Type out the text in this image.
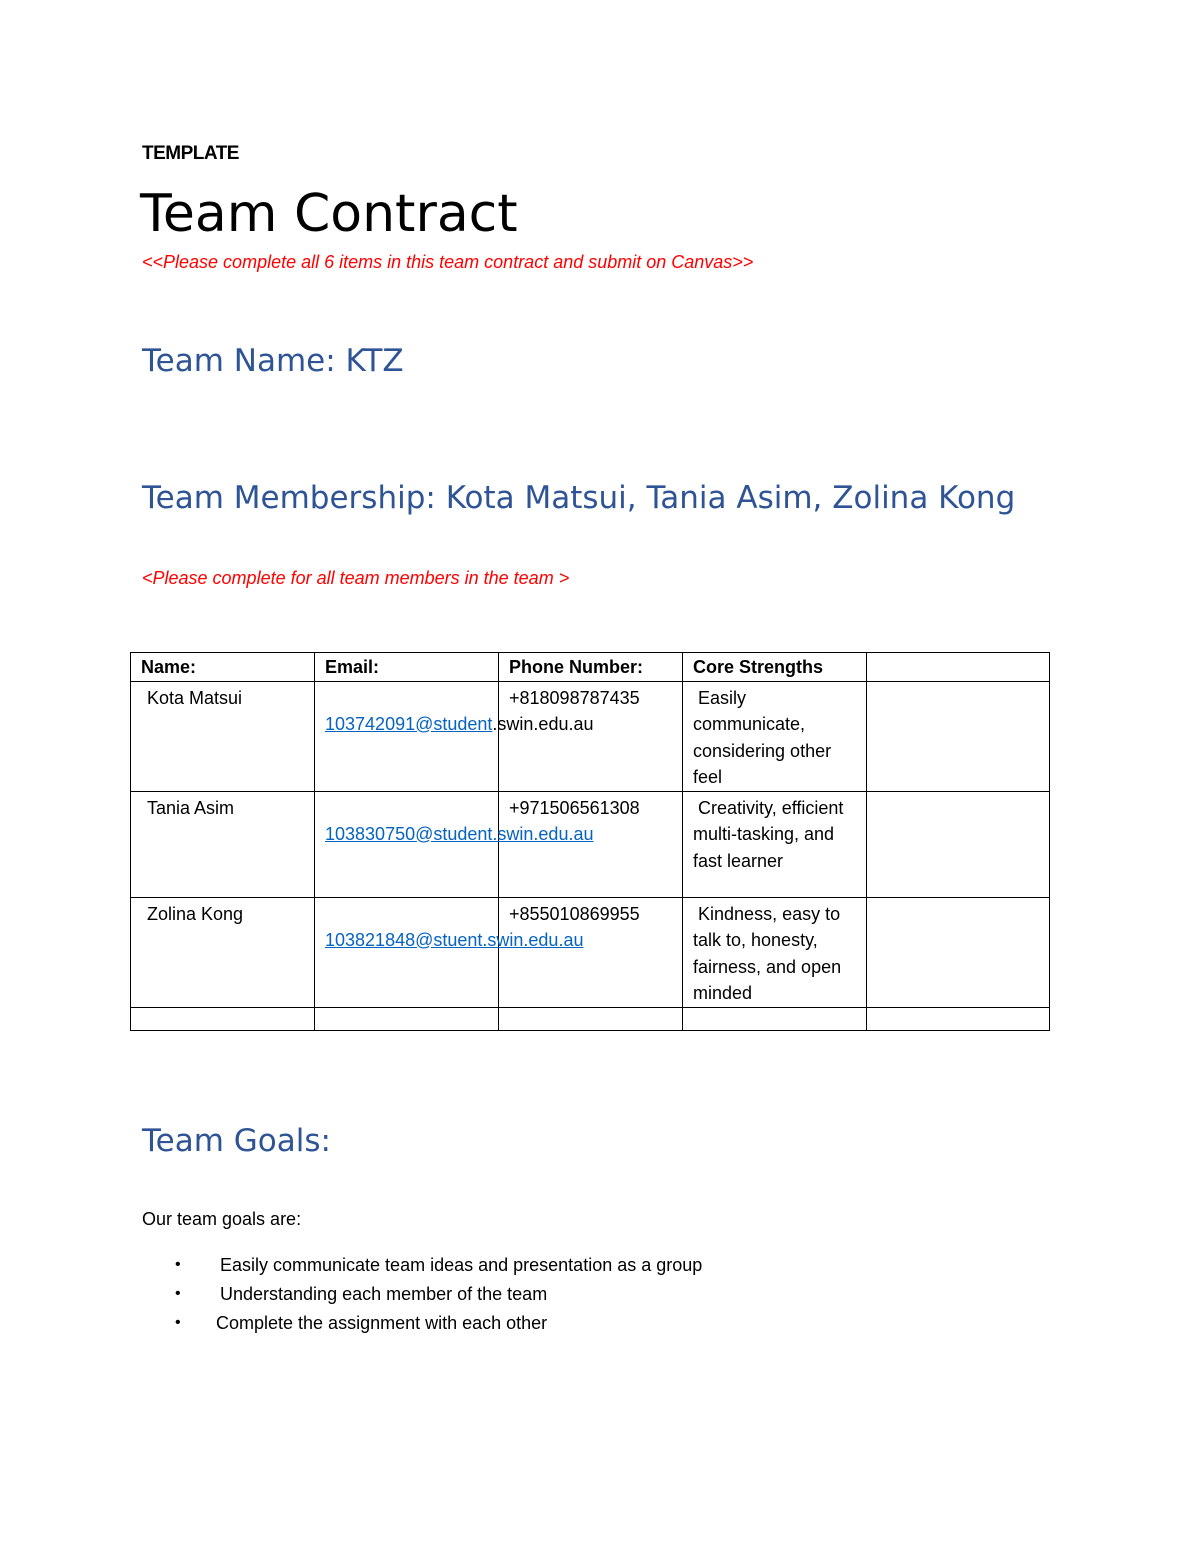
TEMPLATE
Team Contract
<<Please complete all 6 items in this team contract and submit on Canvas>>
Team Name: KTZ
Team Membership: Kota Matsui, Tania Asim, Zolina Kong
<Please complete for all team members in the team >
Name:	Email:	Phone Number:	Core Strengths	

Kota Matsui	103742091@student.swin.edu.au	+818098787435	Easily communicate, considering other feel	

Tania Asim	103830750@student.swin.edu.au	+971506561308	Creativity, efficient multi-tasking, and fast learner	

Zolina Kong	103821848@stuent.swin.edu.au	+855010869955	Kindness, easy to talk to, honesty, fairness, and open minded	

Team Goals:
Our team goals are:
• Easily communicate team ideas and presentation as a group
• Understanding each member of the team
• Complete the assignment with each other
